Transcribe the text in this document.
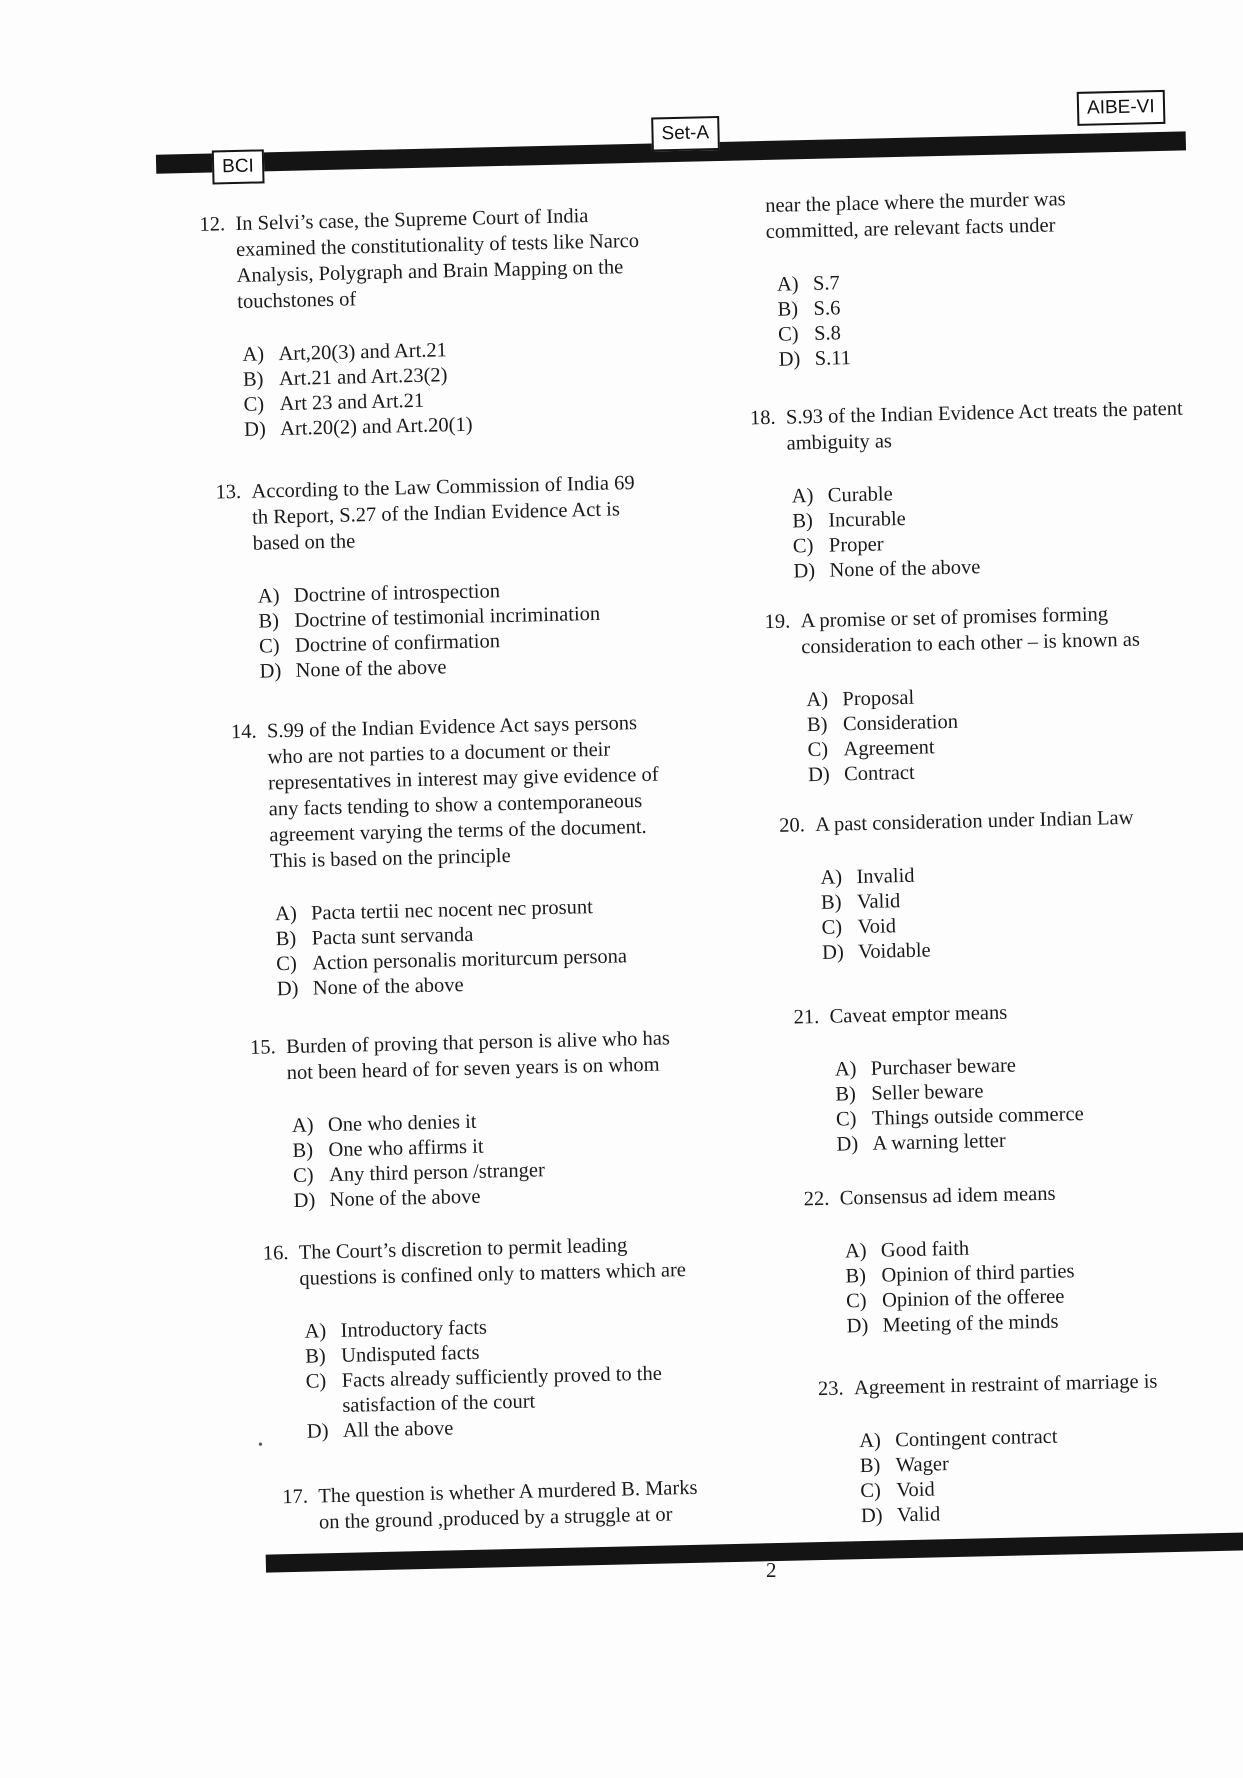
BCI
Set-A
AIBE-VI
12. In Selvi’s case, the Supreme Court of India examined the constitutionality of tests like Narco Analysis, Polygraph and Brain Mapping on the touchstones of
A) Art,20(3) and Art.21
B) Art.21 and Art.23(2)
C) Art 23 and Art.21
D) Art.20(2) and Art.20(1)
13. According to the Law Commission of India 69 th Report, S.27 of the Indian Evidence Act is based on the
A) Doctrine of introspection
B) Doctrine of testimonial incrimination
C) Doctrine of confirmation
D) None of the above
14. S.99 of the Indian Evidence Act says persons who are not parties to a document or their representatives in interest may give evidence of any facts tending to show a contemporaneous agreement varying the terms of the document. This is based on the principle
A) Pacta tertii nec nocent nec prosunt
B) Pacta sunt servanda
C) Action personalis moriturcum persona
D) None of the above
15. Burden of proving that person is alive who has not been heard of for seven years is on whom
A) One who denies it
B) One who affirms it
C) Any third person /stranger
D) None of the above
16. The Court’s discretion to permit leading questions is confined only to matters which are
A) Introductory facts
B) Undisputed facts
C) Facts already sufficiently proved to the satisfaction of the court
D) All the above
17. The question is whether A murdered B. Marks on the ground ,produced by a struggle at or
near the place where the murder was committed, are relevant facts under
A) S.7
B) S.6
C) S.8
D) S.11
18. S.93 of the Indian Evidence Act treats the patent ambiguity as
A) Curable
B) Incurable
C) Proper
D) None of the above
19. A promise or set of promises forming consideration to each other – is known as
A) Proposal
B) Consideration
C) Agreement
D) Contract
20. A past consideration under Indian Law
A) Invalid
B) Valid
C) Void
D) Voidable
21. Caveat emptor means
A) Purchaser beware
B) Seller beware
C) Things outside commerce
D) A warning letter
22. Consensus ad idem means
A) Good faith
B) Opinion of third parties
C) Opinion of the offeree
D) Meeting of the minds
23. Agreement in restraint of marriage is
A) Contingent contract
B) Wager
C) Void
D) Valid
2
•
